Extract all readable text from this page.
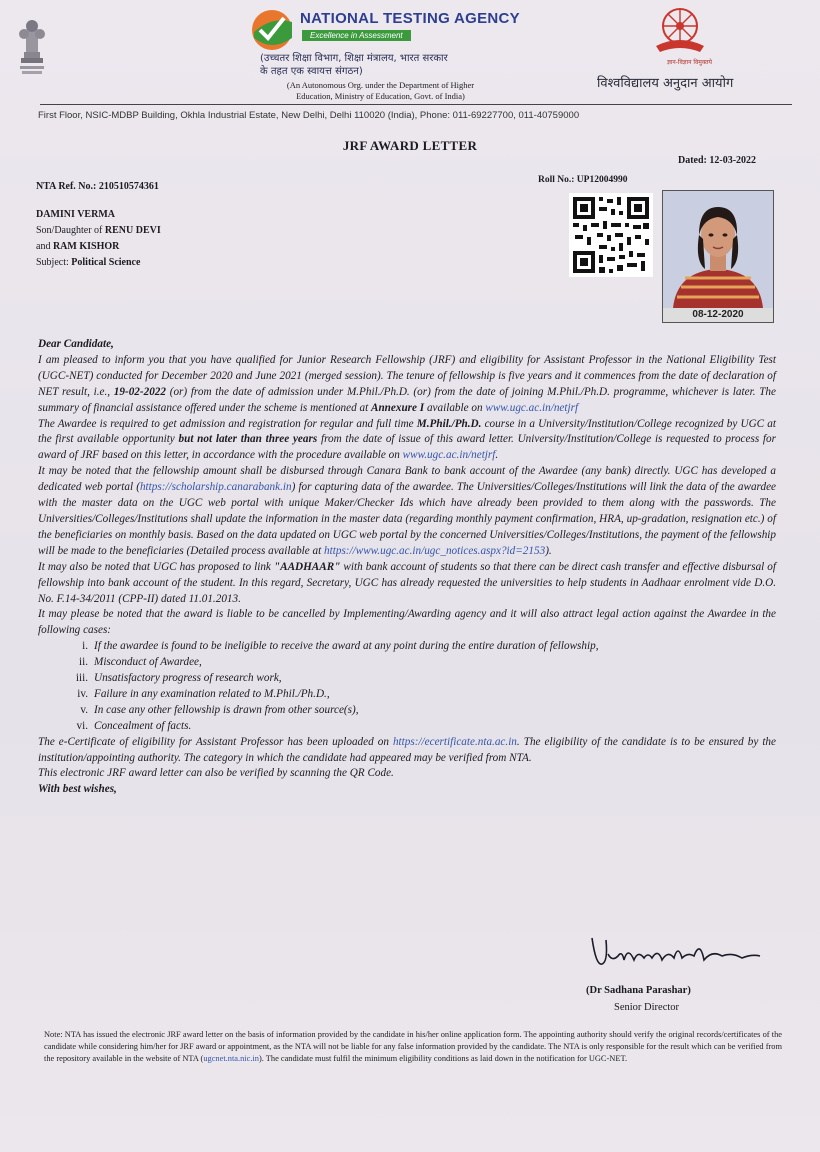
NATIONAL TESTING AGENCY
Excellence in Assessment
(उच्चतर शिक्षा विभाग, शिक्षा मंत्रालय, भारत सरकार
के तहत एक स्वायत्त संगठन)
(An Autonomous Org. under the Department of Higher
Education, Ministry of Education, Govt. of India)
ज्ञान-विज्ञान विमुक्तये
विश्वविद्यालय अनुदान आयोग
First Floor, NSIC-MDBP Building, Okhla Industrial Estate, New Delhi, Delhi 110020 (India), Phone: 011-69227700, 011-40759000
JRF AWARD LETTER
Dated: 12-03-2022
NTA Ref. No.: 210510574361
Roll No.: UP12004990
DAMINI VERMA
Son/Daughter of RENU DEVI
and RAM KISHOR
Subject: Political Science
08-12-2020

Dear Candidate,

I am pleased to inform you that you have qualified for Junior Research Fellowship (JRF) and eligibility for Assistant Professor in the National Eligibility Test (UGC-NET) conducted for December 2020 and June 2021 (merged session). The tenure of fellowship is five years and it commences from the date of declaration of NET result, i.e., 19-02-2022 (or) from the date of admission under M.Phil./Ph.D. (or) from the date of joining M.Phil./Ph.D. programme, whichever is later. The summary of financial assistance offered under the scheme is mentioned at Annexure I available on www.ugc.ac.in/netjrf

The Awardee is required to get admission and registration for regular and full time M.Phil./Ph.D. course in a University/Institution/College recognized by UGC at the first available opportunity but not later than three years from the date of issue of this award letter. University/Institution/College is requested to process for award of JRF based on this letter, in accordance with the procedure available on www.ugc.ac.in/netjrf.

It may be noted that the fellowship amount shall be disbursed through Canara Bank to bank account of the Awardee (any bank) directly. UGC has developed a dedicated web portal (https://scholarship.canarabank.in) for capturing data of the awardee. The Universities/Colleges/Institutions will link the data of the awardee with the master data on the UGC web portal with unique Maker/Checker Ids which have already been provided to them along with the passwords. The Universities/Colleges/Institutions shall update the information in the master data (regarding monthly payment confirmation, HRA, up-gradation, resignation etc.) of the beneficiaries on monthly basis. Based on the data updated on UGC web portal by the concerned Universities/Colleges/Institutions, the payment of the fellowship will be made to the beneficiaries (Detailed process available at https://www.ugc.ac.in/ugc_notices.aspx?id=2153).

It may also be noted that UGC has proposed to link "AADHAAR" with bank account of students so that there can be direct cash transfer and effective disbursal of fellowship into bank account of the student. In this regard, Secretary, UGC has already requested the universities to help students in Aadhaar enrolment vide D.O. No. F.14-34/2011 (CPP-II) dated 11.01.2013.

It may please be noted that the award is liable to be cancelled by Implementing/Awarding agency and it will also attract legal action against the Awardee in the following cases:

i. If the awardee is found to be ineligible to receive the award at any point during the entire duration of fellowship,
ii. Misconduct of Awardee,
iii. Unsatisfactory progress of research work,
iv. Failure in any examination related to M.Phil./Ph.D.,
v. In case any other fellowship is drawn from other source(s),
vi. Concealment of facts.

The e-Certificate of eligibility for Assistant Professor has been uploaded on https://ecertificate.nta.ac.in. The eligibility of the candidate is to be ensured by the institution/appointing authority. The category in which the candidate had appeared may be verified from NTA.

This electronic JRF award letter can also be verified by scanning the QR Code.

With best wishes,

(Dr Sadhana Parashar)
Senior Director
Note: NTA has issued the electronic JRF award letter on the basis of information provided by the candidate in his/her online application form. The appointing authority should verify the original records/certificates of the candidate while considering him/her for JRF award or appointment, as the NTA will not be liable for any false information provided by the candidate. The NTA is only responsible for the result which can be verified from the repository available in the website of NTA (ugcnet.nta.nic.in). The candidate must fulfil the minimum eligibility conditions as laid down in the notification for UGC-NET.
